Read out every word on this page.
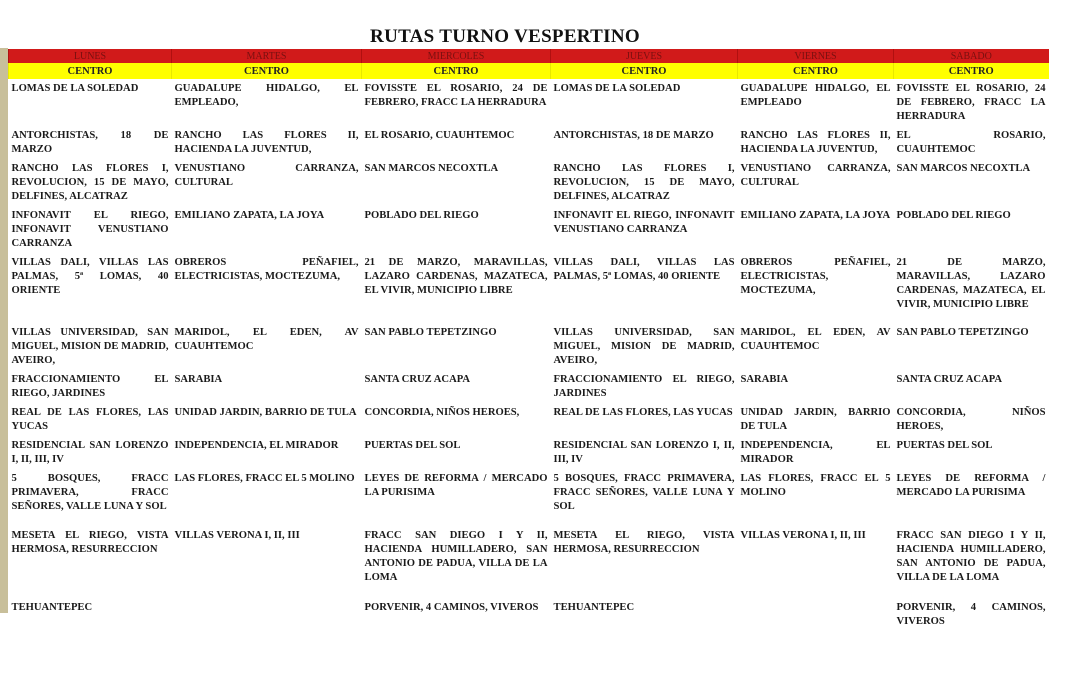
RUTAS TURNO VESPERTINO
LUNES	MARTES	MIERCOLES	JUEVES	VIERNES	SABADO
CENTRO	CENTRO	CENTRO	CENTRO	CENTRO	CENTRO
LOMAS DE LA SOLEDAD	GUADALUPE HIDALGO, EL EMPLEADO,	FOVISSTE EL ROSARIO, 24 DE FEBRERO, FRACC LA HERRADURA	LOMAS DE LA SOLEDAD	GUADALUPE HIDALGO, EL EMPLEADO	FOVISSTE EL ROSARIO, 24 DE FEBRERO, FRACC LA HERRADURA
ANTORCHISTAS, 18 DE MARZO	RANCHO LAS FLORES II, HACIENDA LA JUVENTUD,	EL ROSARIO, CUAUHTEMOC	ANTORCHISTAS, 18 DE MARZO	RANCHO LAS FLORES II, HACIENDA LA JUVENTUD,	EL ROSARIO, CUAUHTEMOC
RANCHO LAS FLORES I, REVOLUCION, 15 DE MAYO, DELFINES, ALCATRAZ	VENUSTIANO CARRANZA, CULTURAL	SAN MARCOS NECOXTLA	RANCHO LAS FLORES I, REVOLUCION, 15 DE MAYO, DELFINES, ALCATRAZ	VENUSTIANO CARRANZA, CULTURAL	SAN MARCOS NECOXTLA
INFONAVIT EL RIEGO, INFONAVIT VENUSTIANO CARRANZA	EMILIANO ZAPATA, LA JOYA	POBLADO DEL RIEGO	INFONAVIT EL RIEGO, INFONAVIT VENUSTIANO CARRANZA	EMILIANO ZAPATA, LA JOYA	POBLADO DEL RIEGO
VILLAS DALI, VILLAS LAS PALMAS, 5ª LOMAS, 40 ORIENTE	OBREROS PEÑAFIEL, ELECTRICISTAS, MOCTEZUMA,	21 DE MARZO, MARAVILLAS, LAZARO CARDENAS, MAZATECA, EL VIVIR, MUNICIPIO LIBRE	VILLAS DALI, VILLAS LAS PALMAS, 5ª LOMAS, 40 ORIENTE	OBREROS PEÑAFIEL, ELECTRICISTAS, MOCTEZUMA,	21 DE MARZO, MARAVILLAS, LAZARO CARDENAS, MAZATECA, EL VIVIR, MUNICIPIO LIBRE
VILLAS UNIVERSIDAD, SAN MIGUEL, MISION DE MADRID, AVEIRO,	MARIDOL, EL EDEN, AV CUAUHTEMOC	SAN PABLO TEPETZINGO	VILLAS UNIVERSIDAD, SAN MIGUEL, MISION DE MADRID, AVEIRO,	MARIDOL, EL EDEN, AV CUAUHTEMOC	SAN PABLO TEPETZINGO
FRACCIONAMIENTO EL RIEGO, JARDINES	SARABIA	SANTA CRUZ ACAPA	FRACCIONAMIENTO EL RIEGO, JARDINES	SARABIA	SANTA CRUZ ACAPA
REAL DE LAS FLORES, LAS YUCAS	UNIDAD JARDIN, BARRIO DE TULA	CONCORDIA, NIÑOS HEROES,	REAL DE LAS FLORES, LAS YUCAS	UNIDAD JARDIN, BARRIO DE TULA	CONCORDIA, NIÑOS HEROES,
RESIDENCIAL SAN LORENZO I, II, III, IV	INDEPENDENCIA, EL MIRADOR	PUERTAS DEL SOL	RESIDENCIAL SAN LORENZO I, II, III, IV	INDEPENDENCIA, EL MIRADOR	PUERTAS DEL SOL
5 BOSQUES, FRACC PRIMAVERA, FRACC SEÑORES, VALLE LUNA Y SOL	LAS FLORES, FRACC EL 5 MOLINO	LEYES DE REFORMA / MERCADO LA PURISIMA	5 BOSQUES, FRACC PRIMAVERA, FRACC SEÑORES, VALLE LUNA Y SOL	LAS FLORES, FRACC EL 5 MOLINO	LEYES DE REFORMA / MERCADO LA PURISIMA
MESETA EL RIEGO, VISTA HERMOSA, RESURRECCION	VILLAS VERONA I, II, III	FRACC SAN DIEGO I Y II, HACIENDA HUMILLADERO, SAN ANTONIO DE PADUA, VILLA DE LA LOMA	MESETA EL RIEGO, VISTA HERMOSA, RESURRECCION	VILLAS VERONA I, II, III	FRACC SAN DIEGO I Y II, HACIENDA HUMILLADERO, SAN ANTONIO DE PADUA, VILLA DE LA LOMA
TEHUANTEPEC		PORVENIR, 4 CAMINOS, VIVEROS	TEHUANTEPEC		PORVENIR, 4 CAMINOS, VIVEROS
